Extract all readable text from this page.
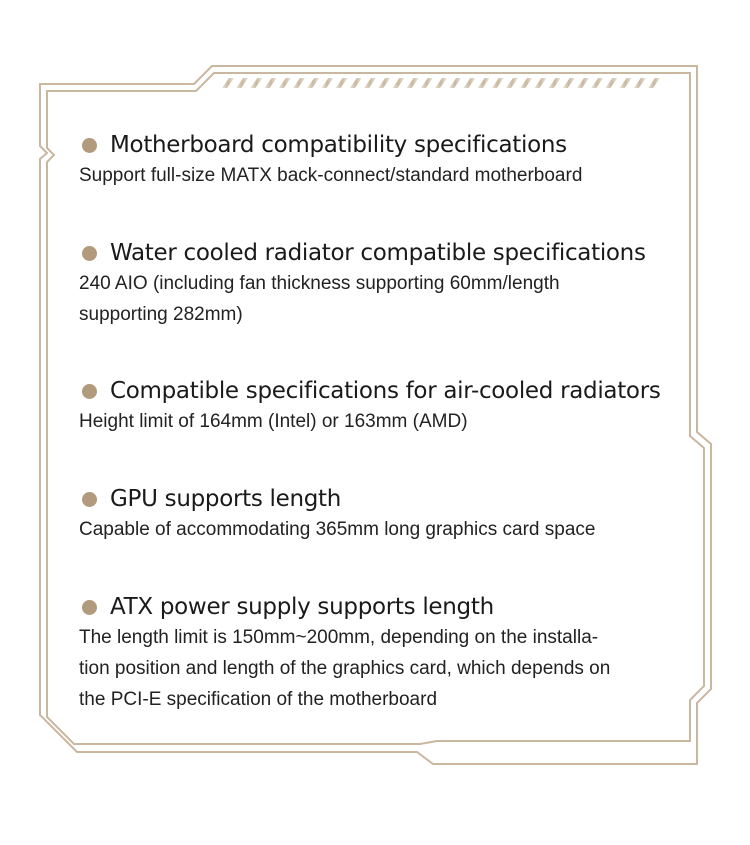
Motherboard compatibility specifications
Support full-size MATX back-connect/standard motherboard
Water cooled radiator compatible specifications
240 AIO (including fan thickness supporting 60mm/length
supporting 282mm)
Compatible specifications for air-cooled radiators
Height limit of 164mm (Intel) or 163mm (AMD)
GPU supports length
Capable of accommodating 365mm long graphics card space
ATX power supply supports length
The length limit is 150mm~200mm, depending on the installa-
tion position and length of the graphics card, which depends on
the PCI-E specification of the motherboard
